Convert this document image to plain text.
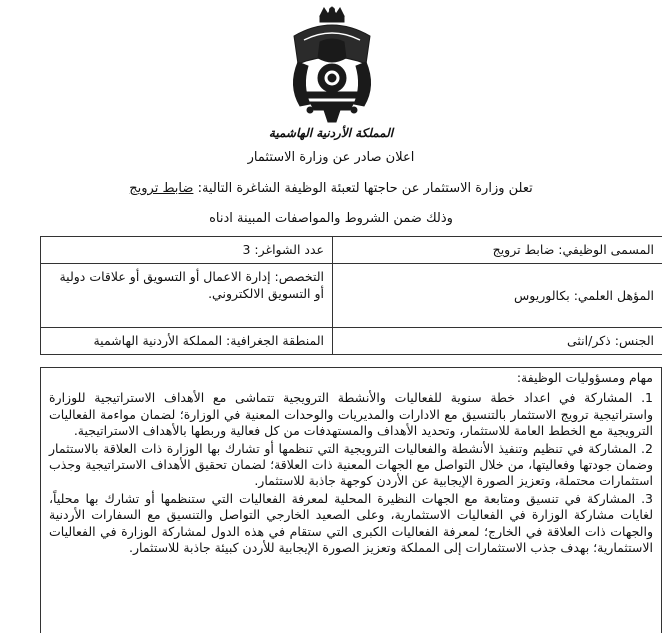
المملكة الأردنية الهاشمية
اعلان صادر عن وزارة الاستثمار
تعلن وزارة الاستثمار عن حاجتها لتعبئة الوظيفة الشاغرة التالية: ضابط ترويج
وذلك ضمن الشروط والمواصفات المبينة ادناه
المسمى الوظيفي: ضابط ترويج	عدد الشواغر: 3
المؤهل العلمي: بكالوريوس	التخصص: إدارة الاعمال أو التسويق أو علاقات دولية أو التسويق الالكتروني.
الجنس: ذكر/انثى	المنطقة الجغرافية: المملكة الأردنية الهاشمية

مهام ومسؤوليات الوظيفة:

1. المشاركة في اعداد خطة سنوية للفعاليات والأنشطة الترويجية تتماشى مع الأهداف الاستراتيجية للوزارة واستراتيجية ترويج الاستثمار بالتنسيق مع الادارات والمديريات والوحدات المعنية في الوزارة؛ لضمان مواءمة الفعاليات الترويجية مع الخطط العامة للاستثمار، وتحديد الأهداف والمستهدفات من كل فعالية وربطها بالأهداف الاستراتيجية.

2. المشاركة في تنظيم وتنفيذ الأنشطة والفعاليات الترويجية التي تنظمها أو تشارك بها الوزارة ذات العلاقة بالاستثمار وضمان جودتها وفعاليتها، من خلال التواصل مع الجهات المعنية ذات العلاقة؛ لضمان تحقيق الأهداف الاستراتيجية وجذب استثمارات محتملة، وتعزيز الصورة الإيجابية عن الأردن كوجهة جاذبة للاستثمار.

3. المشاركة في تنسيق ومتابعة مع الجهات النظيرة المحلية لمعرفة الفعاليات التي ستنظمها أو تشارك بها محلياً، لغايات مشاركة الوزارة في الفعاليات الاستثمارية، وعلى الصعيد الخارجي التواصل والتنسيق مع السفارات الأردنية والجهات ذات العلاقة في الخارج؛ لمعرفة الفعاليات الكبرى التي ستقام في هذه الدول لمشاركة الوزارة في الفعاليات الاستثمارية؛ بهدف جذب الاستثمارات إلى المملكة وتعزيز الصورة الإيجابية للأردن كبيئة جاذبة للاستثمار.
